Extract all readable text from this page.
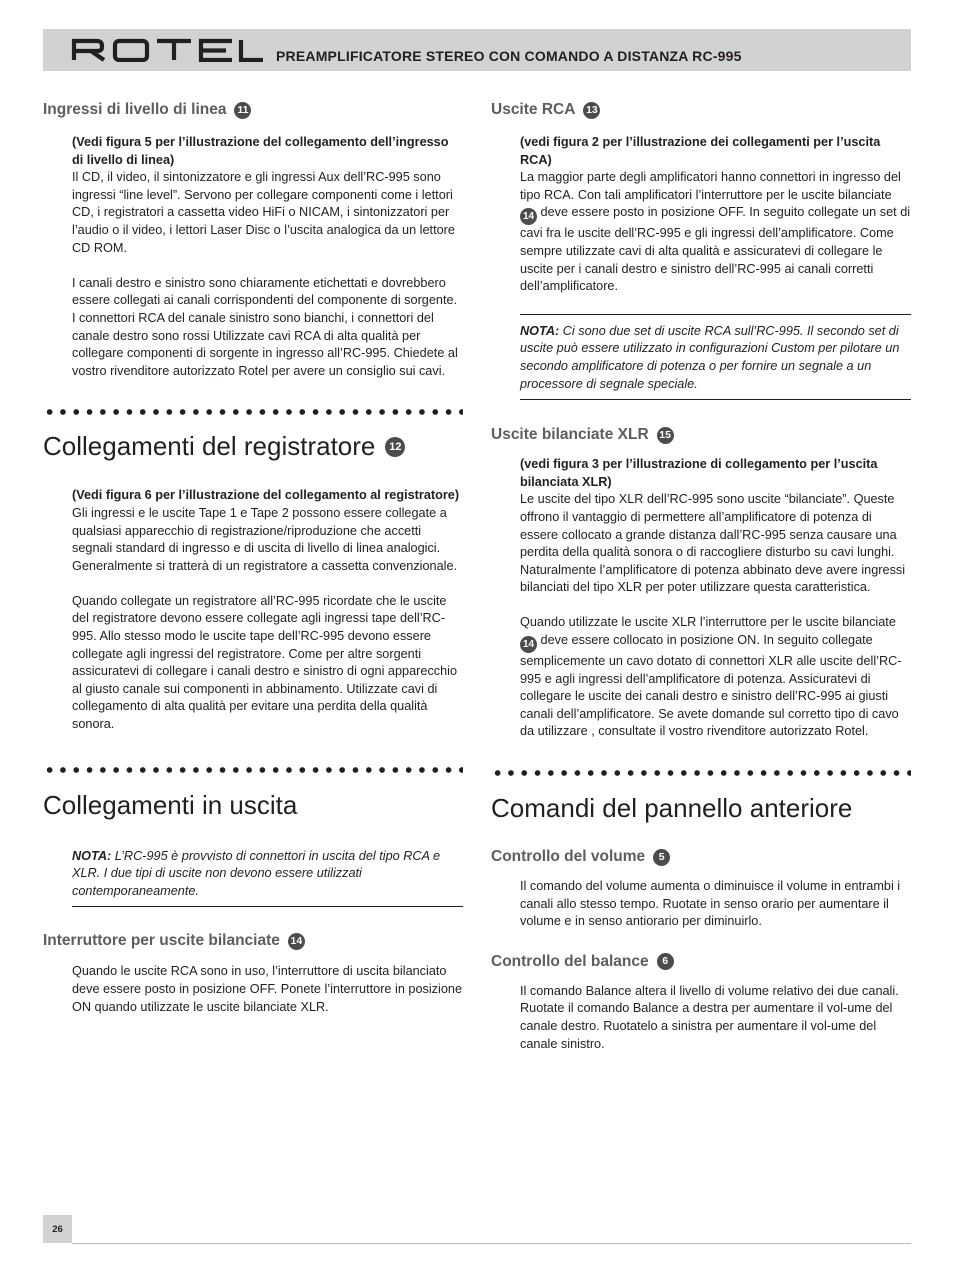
PREAMPLIFICATORE STEREO CON COMANDO A DISTANZA RC-995
Ingressi di livello di linea 11

(Vedi figura 5 per l’illustrazione del collegamento dell’ingresso di livello di linea)

Il CD, il video, il sintonizzatore e gli ingressi Aux dell’RC-995 sono ingressi “line level”. Servono per collegare componenti come i lettori CD, i registratori a cassetta video HiFi o NICAM, i sintonizzatori per l’audio o il video, i lettori Laser Disc o l’uscita analogica da un lettore CD ROM.

I canali destro e sinistro sono chiaramente etichettati e dovrebbero essere collegati ai canali corrispondenti del componente di sorgente. I connettori RCA del canale sinistro sono bianchi, i connettori del canale destro sono rossi Utilizzate cavi RCA di alta qualità per collegare componenti di sorgente in ingresso all’RC-995. Chiedete al vostro rivenditore autorizzato Rotel per avere un consiglio sui cavi.

Collegamenti del registratore	12

(Vedi figura 6 per l’illustrazione del collegamento al registratore)

Gli ingressi e le uscite Tape 1 e Tape 2 possono essere collegate a qualsiasi apparecchio di registrazione/riproduzione che accetti segnali standard di ingresso e di uscita di livello di linea analogici. Generalmente si tratterà di un registratore a cassetta convenzionale.

Quando collegate un registratore all’RC-995 ricordate che le uscite del registratore devono essere collegate agli ingressi tape dell’RC-995. Allo stesso modo le uscite tape dell’RC-995 devono essere collegate agli ingressi del registratore. Come per altre sorgenti assicuratevi di collegare i canali destro e sinistro di ogni apparecchio al giusto canale sui componenti in abbinamento. Utilizzate cavi di collegamento di alta qualità per evitare una perdita della qualità sonora.

Collegamenti in uscita
NOTA: L’RC-995 è provvisto di connettori in uscita del tipo RCA e XLR. I due tipi di uscite non devono essere utilizzati contemporaneamente.
Interruttore per uscite bilanciate 14

Quando le uscite RCA sono in uso, l’interruttore di uscita bilanciato deve essere posto in posizione OFF. Ponete l’interruttore in posizione ON quando utilizzate le uscite bilanciate XLR.

Uscite RCA 13

(vedi figura 2 per l’illustrazione dei collegamenti per l’uscita RCA)

La maggior parte degli amplificatori hanno connettori in ingresso del tipo RCA. Con tali amplificatori l’interruttore per le uscite bilanciate 14 deve essere posto in posizione OFF. In seguito collegate un set di cavi fra le uscite dell’RC-995 e gli ingressi dell’amplificatore. Come sempre utilizzate cavi di alta qualità e assicuratevi di collegare le uscite per i canali destro e sinistro dell’RC-995 ai canali corretti dell’amplificatore.

NOTA: Ci sono due set di uscite RCA sull’RC-995. Il secondo set di uscite può essere utilizzato in configurazioni Custom per pilotare un secondo amplificatore di potenza o per fornire un segnale a un processore di segnale speciale.
Uscite bilanciate XLR 15

(vedi figura 3 per l’illustrazione di collegamento per l’uscita bilanciata XLR)

Le uscite del tipo XLR dell’RC-995 sono uscite “bilanciate”. Queste offrono il vantaggio di permettere all’amplificatore di potenza di essere collocato a grande distanza dall’RC-995 senza causare una perdita della qualità sonora o di raccogliere disturbo su cavi lunghi. Naturalmente l’amplificatore di potenza abbinato deve avere ingressi bilanciati del tipo XLR per poter utilizzare questa caratteristica.

Quando utilizzate le uscite XLR l’interruttore per le uscite bilanciate 14 deve essere collocato in posizione ON. In seguito collegate semplicemente un cavo dotato di connettori XLR alle uscite dell’RC-995 e agli ingressi dell’amplificatore di potenza. Assicuratevi di collegare le uscite dei canali destro e sinistro dell’RC-995 ai giusti canali dell’amplificatore. Se avete domande sul corretto tipo di cavo da utilizzare , consultate il vostro rivenditore autorizzato Rotel.

Comandi del pannello anteriore
Controllo del volume	5

Il comando del volume aumenta o diminuisce il volume in entrambi i canali allo stesso tempo. Ruotate in senso orario per aumentare il volume e in senso antiorario per diminuirlo.

Controllo del balance	6

Il comando Balance altera il livello di volume relativo dei due canali. Ruotate il comando Balance a destra per aumentare il vol-ume del canale destro. Ruotatelo a sinistra per aumentare il vol-ume del canale sinistro.

26
